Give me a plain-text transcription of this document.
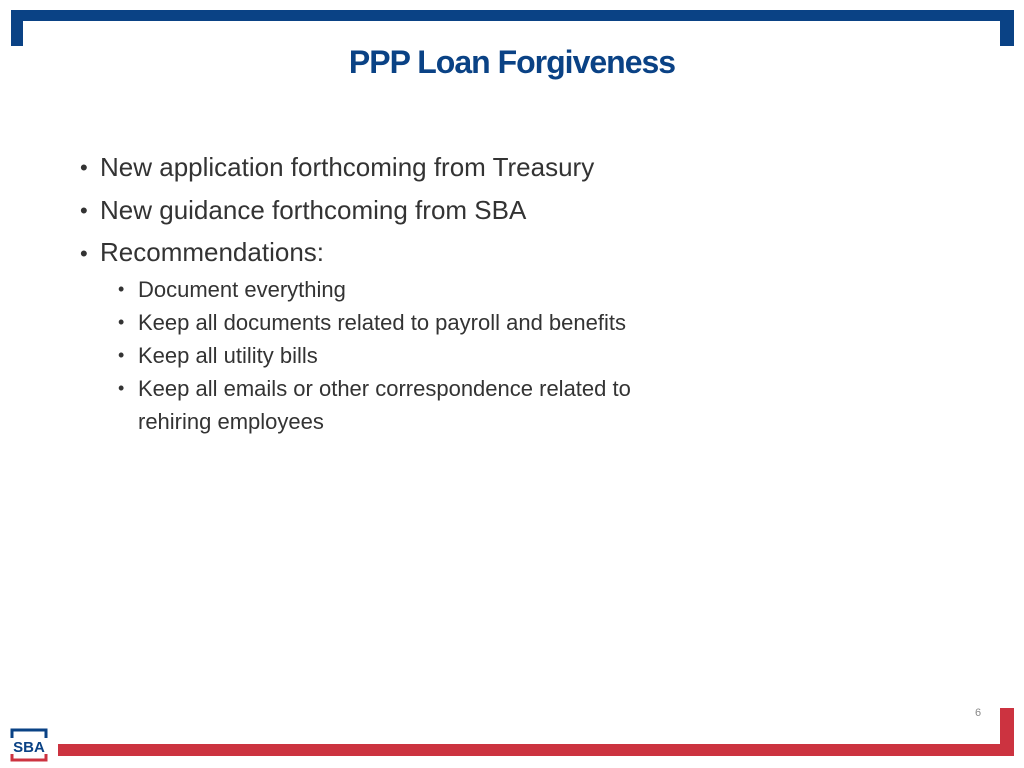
PPP Loan Forgiveness
• New application forthcoming from Treasury
• New guidance forthcoming from SBA
• Recommendations:
• Document everything
• Keep all documents related to payroll and benefits
• Keep all utility bills
• Keep all emails or other correspondence related to rehiring employees
6
SBA
